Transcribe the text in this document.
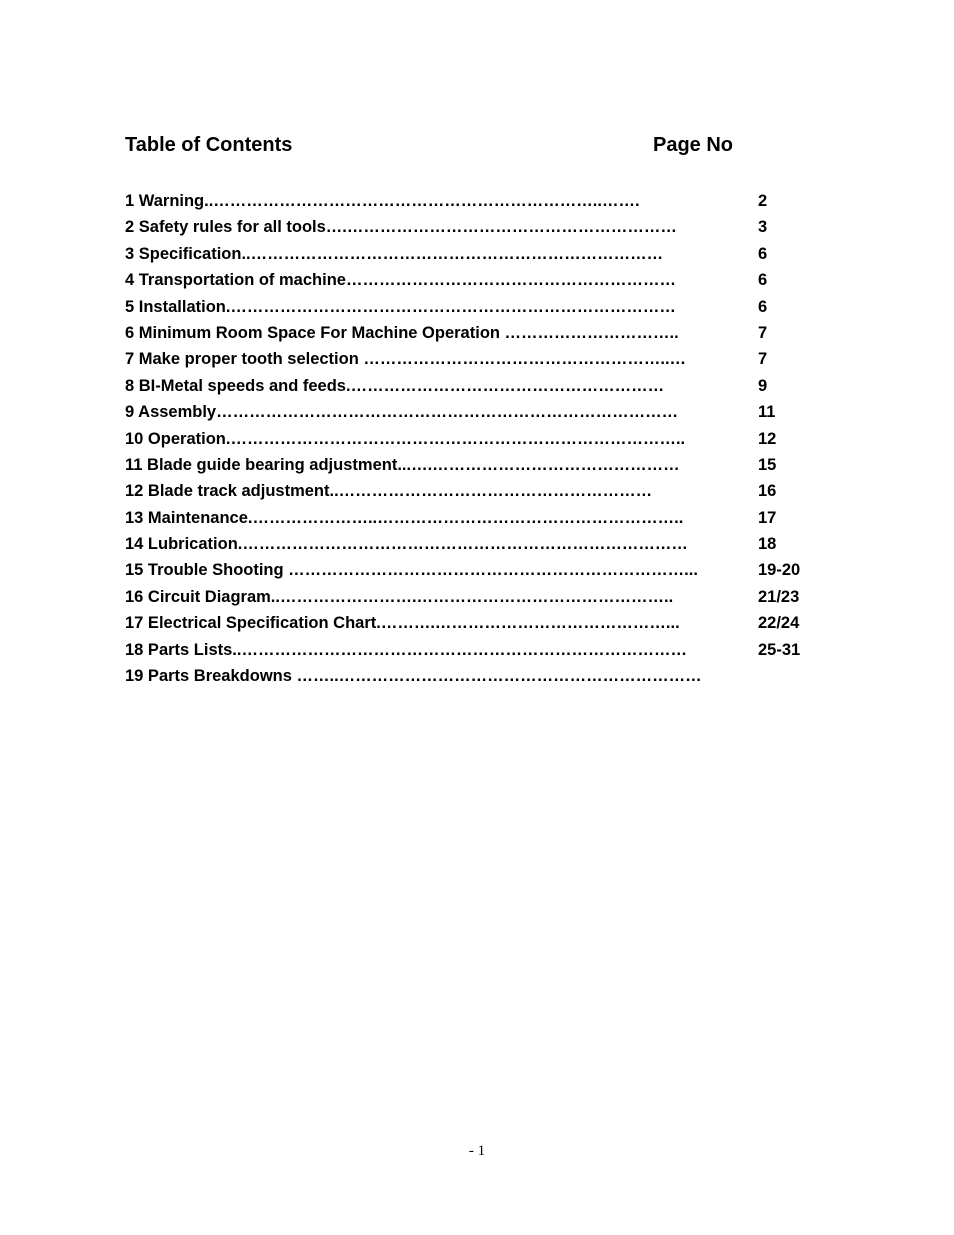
Table of Contents	Page No
1 Warning..……………………………………………………………..…….	2
2 Safety rules for all tools….……………………………………………………	3
3 Specification..…………………………………………………………………	6
4 Transportation of machine……………………………………………………	6
5 Installation.………………………………………………………………………	6
6 Minimum Room Space For Machine Operation …………………………..	7
7 Make proper tooth selection ………………………………………………..…	7
8 BI-Metal speeds and feeds.…………………………………………………	9
9 Assembly…………………………………………………………………………	11
10 Operation.………………………………………………………………………..	12
11 Blade guide bearing adjustment...….………………………………………	15
12 Blade track adjustment..…………………………………………………	16
13 Maintenance.…………………..………………………………………………..	17
14 Lubrication.………………………………………………………………………	18
15 Trouble Shooting ………………………………………………………………...	19-20
16 Circuit Diagram..…………………….………………………………………..	21/23
17 Electrical Specification Chart.……….……………………………………...	22/24
18 Parts Lists..………………………………………………………………………	25-31
19 Parts Breakdowns ……..…………………………………………………………
- 1
